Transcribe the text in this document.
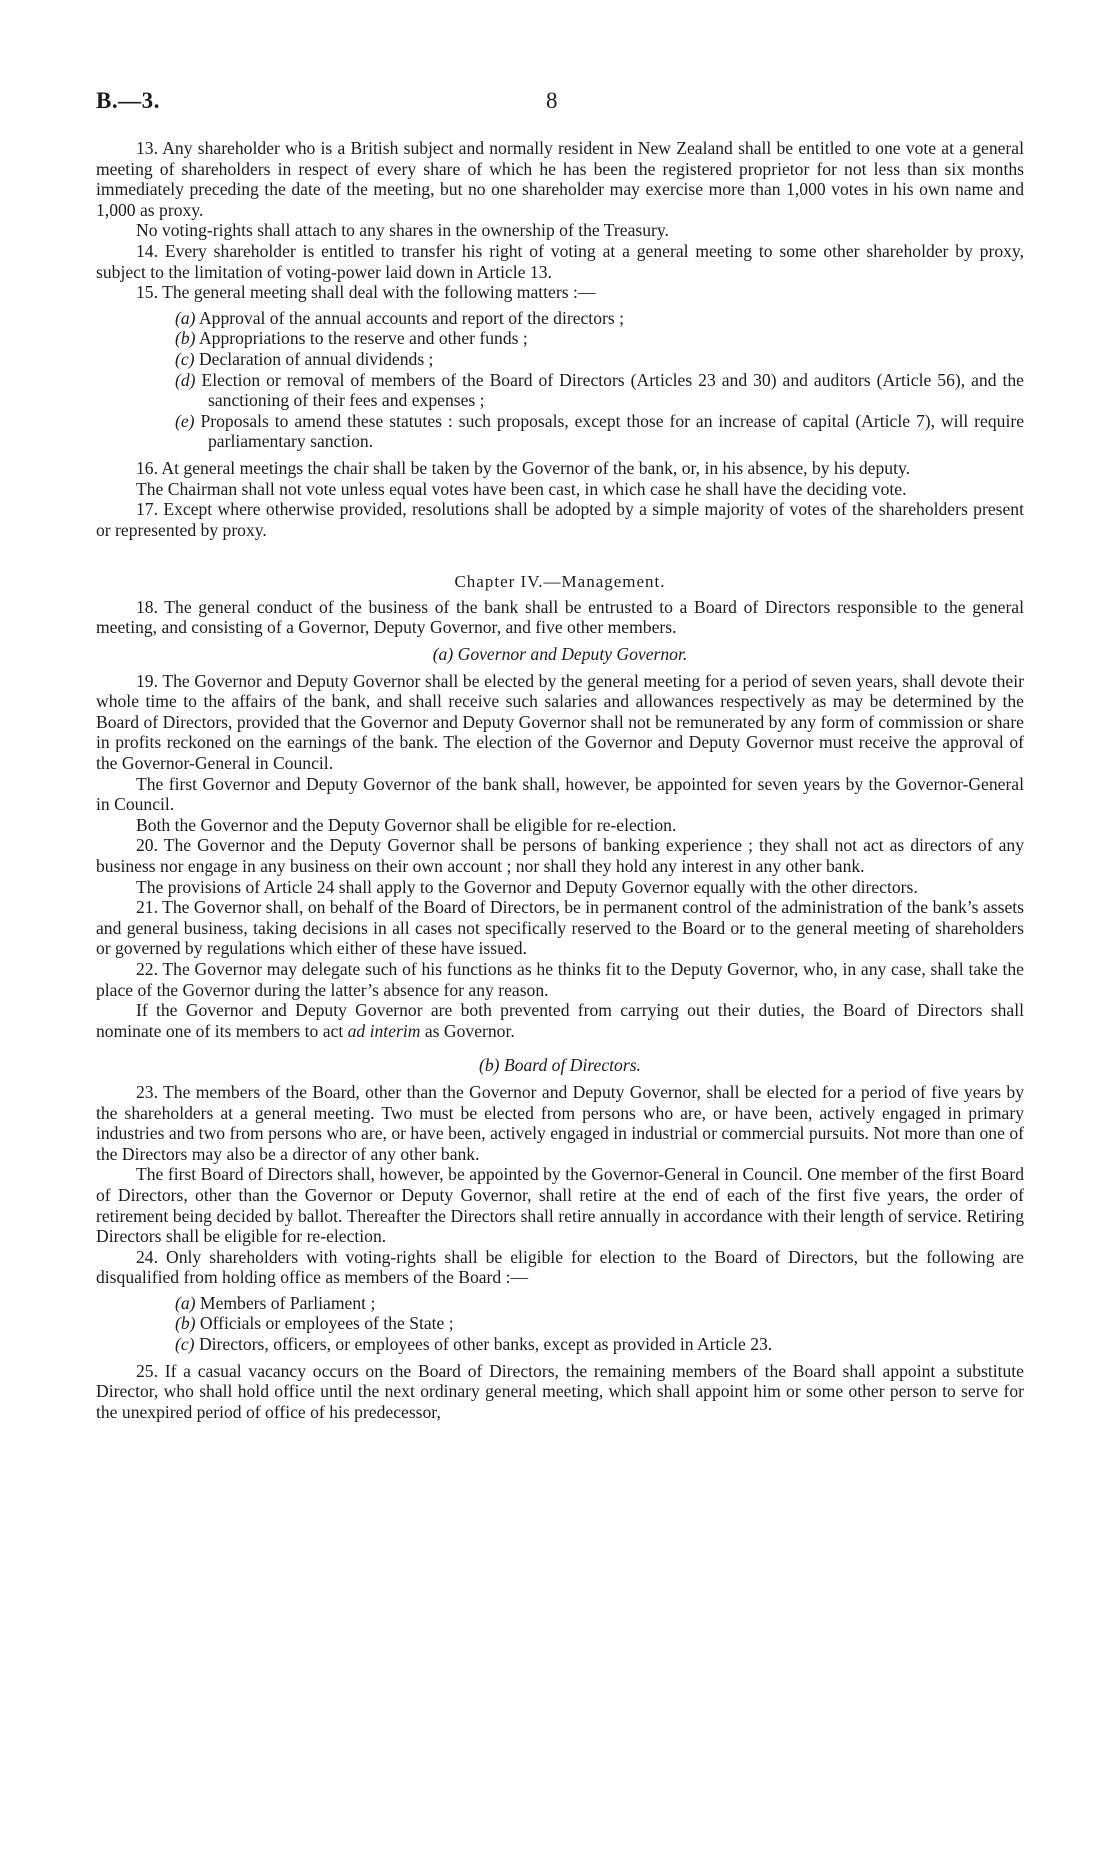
B.—3.	8

13. Any shareholder who is a British subject and normally resident in New Zealand shall be entitled to one vote at a general meeting of shareholders in respect of every share of which he has been the registered proprietor for not less than six months immediately preceding the date of the meeting, but no one shareholder may exercise more than 1,000 votes in his own name and 1,000 as proxy.

No voting-rights shall attach to any shares in the ownership of the Treasury.

14. Every shareholder is entitled to transfer his right of voting at a general meeting to some other shareholder by proxy, subject to the limitation of voting-power laid down in Article 13.

15. The general meeting shall deal with the following matters :—

(a) Approval of the annual accounts and report of the directors ;

(b) Appropriations to the reserve and other funds ;

(c) Declaration of annual dividends ;

(d) Election or removal of members of the Board of Directors (Articles 23 and 30) and auditors (Article 56), and the sanctioning of their fees and expenses ;

(e) Proposals to amend these statutes : such proposals, except those for an increase of capital (Article 7), will require parliamentary sanction.

16. At general meetings the chair shall be taken by the Governor of the bank, or, in his absence, by his deputy.

The Chairman shall not vote unless equal votes have been cast, in which case he shall have the deciding vote.

17. Except where otherwise provided, resolutions shall be adopted by a simple majority of votes of the shareholders present or represented by proxy.

Chapter IV.—Management.

18. The general conduct of the business of the bank shall be entrusted to a Board of Directors responsible to the general meeting, and consisting of a Governor, Deputy Governor, and five other members.

(a) Governor and Deputy Governor.

19. The Governor and Deputy Governor shall be elected by the general meeting for a period of seven years, shall devote their whole time to the affairs of the bank, and shall receive such salaries and allowances respectively as may be determined by the Board of Directors, provided that the Governor and Deputy Governor shall not be remunerated by any form of commission or share in profits reckoned on the earnings of the bank. The election of the Governor and Deputy Governor must receive the approval of the Governor-General in Council.

The first Governor and Deputy Governor of the bank shall, however, be appointed for seven years by the Governor-General in Council.

Both the Governor and the Deputy Governor shall be eligible for re-election.

20. The Governor and the Deputy Governor shall be persons of banking experience ; they shall not act as directors of any business nor engage in any business on their own account ; nor shall they hold any interest in any other bank.

The provisions of Article 24 shall apply to the Governor and Deputy Governor equally with the other directors.

21. The Governor shall, on behalf of the Board of Directors, be in permanent control of the administration of the bank’s assets and general business, taking decisions in all cases not specifically reserved to the Board or to the general meeting of shareholders or governed by regulations which either of these have issued.

22. The Governor may delegate such of his functions as he thinks fit to the Deputy Governor, who, in any case, shall take the place of the Governor during the latter’s absence for any reason.

If the Governor and Deputy Governor are both prevented from carrying out their duties, the Board of Directors shall nominate one of its members to act ad interim as Governor.

(b) Board of Directors.

23. The members of the Board, other than the Governor and Deputy Governor, shall be elected for a period of five years by the shareholders at a general meeting. Two must be elected from persons who are, or have been, actively engaged in primary industries and two from persons who are, or have been, actively engaged in industrial or commercial pursuits. Not more than one of the Directors may also be a director of any other bank.

The first Board of Directors shall, however, be appointed by the Governor-General in Council. One member of the first Board of Directors, other than the Governor or Deputy Governor, shall retire at the end of each of the first five years, the order of retirement being decided by ballot. Thereafter the Directors shall retire annually in accordance with their length of service. Retiring Directors shall be eligible for re-election.

24. Only shareholders with voting-rights shall be eligible for election to the Board of Directors, but the following are disqualified from holding office as members of the Board :—

(a) Members of Parliament ;

(b) Officials or employees of the State ;

(c) Directors, officers, or employees of other banks, except as provided in Article 23.

25. If a casual vacancy occurs on the Board of Directors, the remaining members of the Board shall appoint a substitute Director, who shall hold office until the next ordinary general meeting, which shall appoint him or some other person to serve for the unexpired period of office of his predecessor,
